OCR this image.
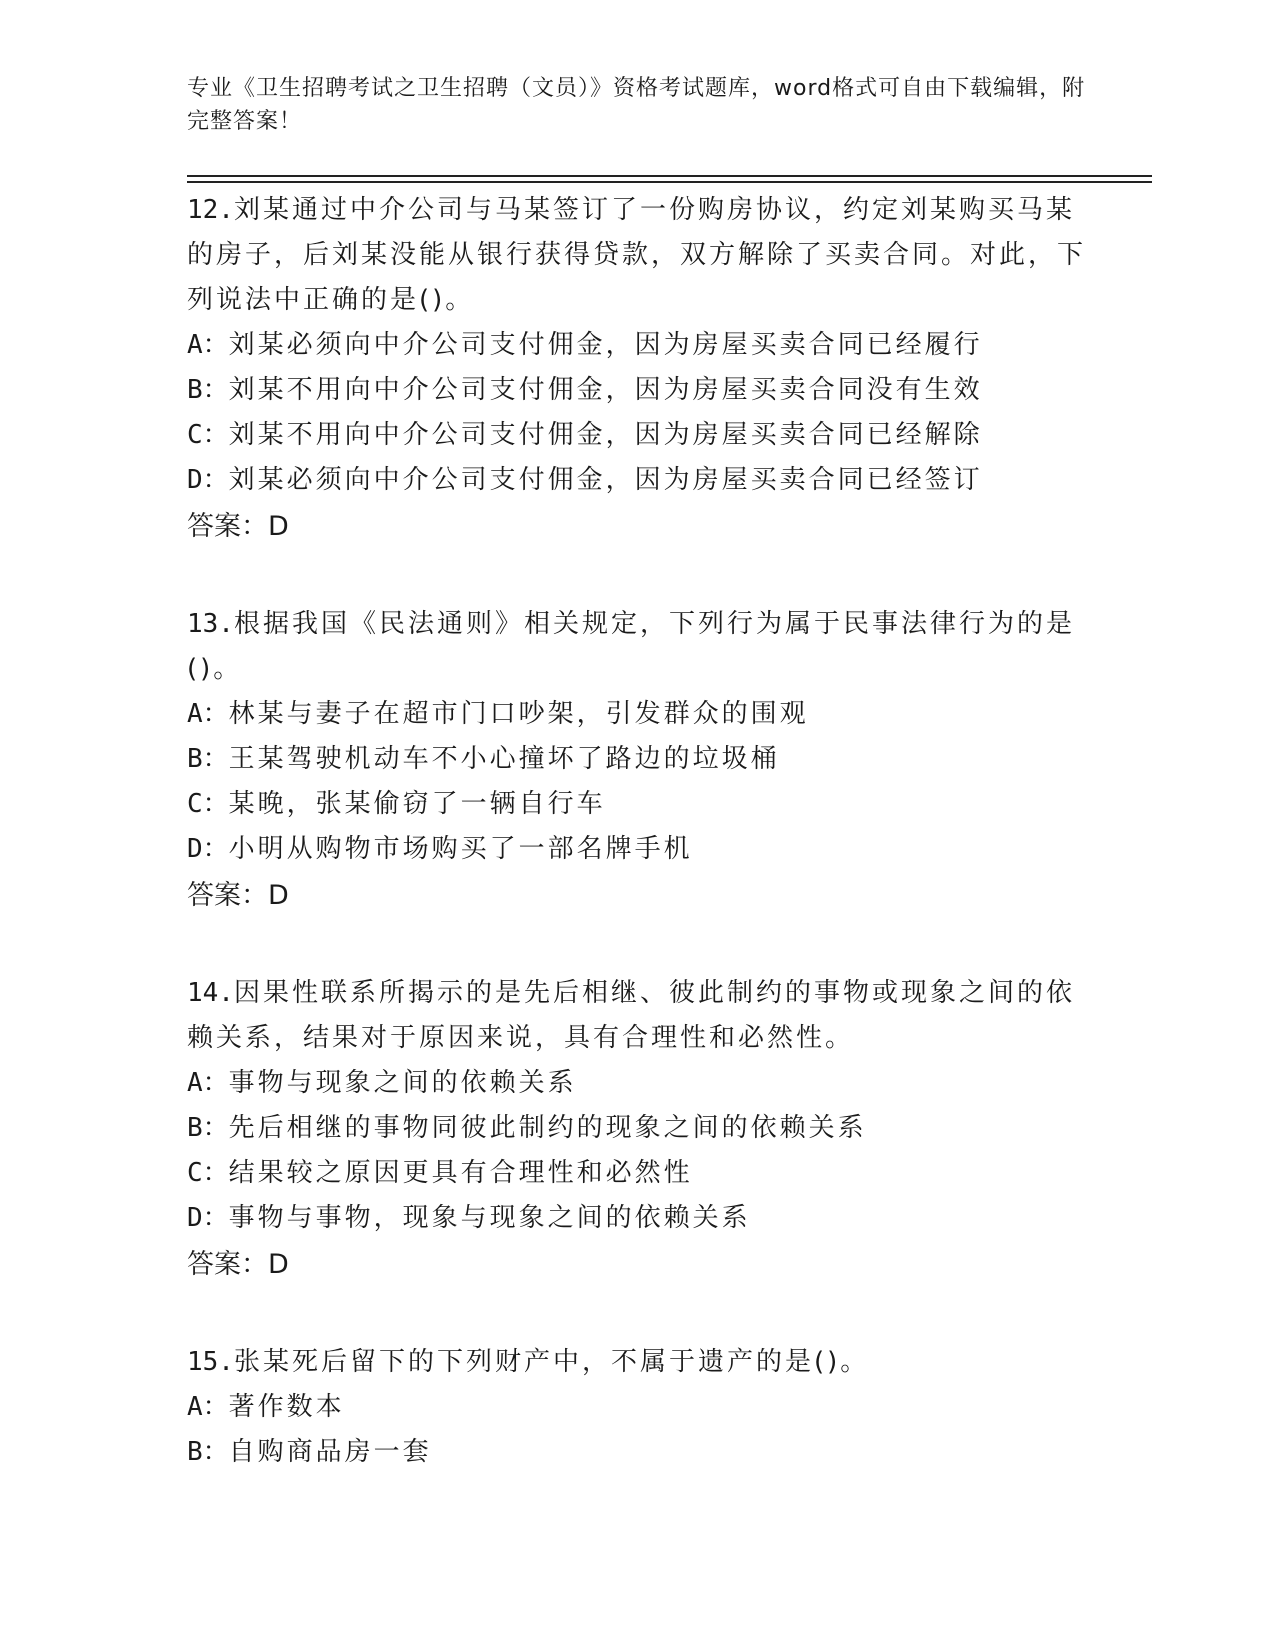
专业《卫生招聘考试之卫生招聘（文员）》资格考试题库，word格式可自由下载编辑，附完整答案！

12.刘某通过中介公司与马某签订了一份购房协议，约定刘某购买马某的房子，后刘某没能从银行获得贷款，双方解除了买卖合同。对此，下列说法中正确的是()。

A：刘某必须向中介公司支付佣金，因为房屋买卖合同已经履行

B：刘某不用向中介公司支付佣金，因为房屋买卖合同没有生效

C：刘某不用向中介公司支付佣金，因为房屋买卖合同已经解除

D：刘某必须向中介公司支付佣金，因为房屋买卖合同已经签订

答案：D

13.根据我国《民法通则》相关规定，下列行为属于民事法律行为的是()。

A：林某与妻子在超市门口吵架，引发群众的围观

B：王某驾驶机动车不小心撞坏了路边的垃圾桶

C：某晚，张某偷窃了一辆自行车

D：小明从购物市场购买了一部名牌手机

答案：D

14.因果性联系所揭示的是先后相继、彼此制约的事物或现象之间的依赖关系，结果对于原因来说，具有合理性和必然性。

A：事物与现象之间的依赖关系

B：先后相继的事物同彼此制约的现象之间的依赖关系

C：结果较之原因更具有合理性和必然性

D：事物与事物，现象与现象之间的依赖关系

答案：D

15.张某死后留下的下列财产中，不属于遗产的是()。

A：著作数本

B：自购商品房一套
